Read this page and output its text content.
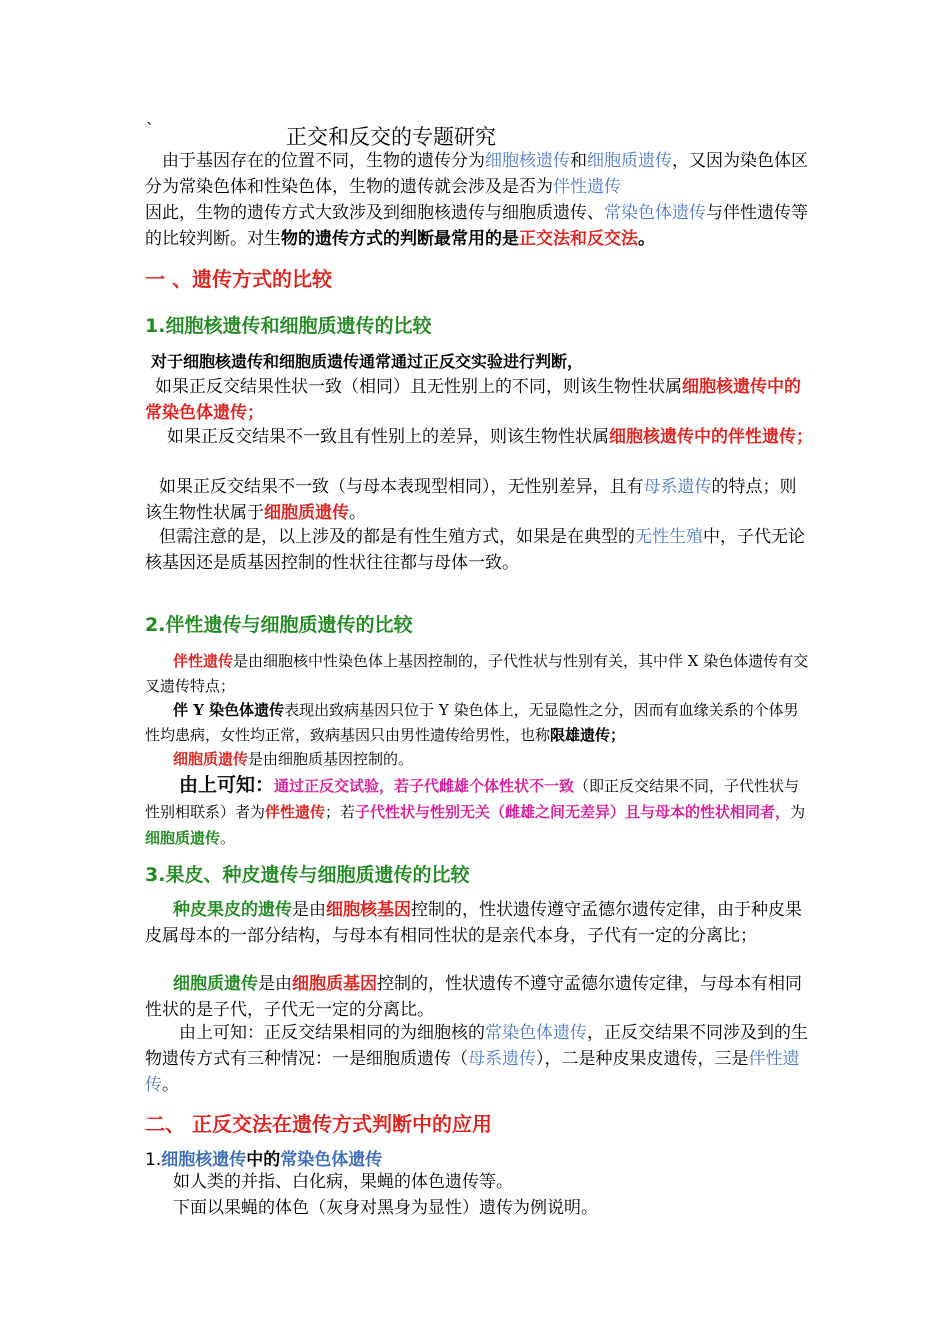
`	正交和反交的专题研究

由于基因存在的位置不同，生物的遗传分为细胞核遗传和细胞质遗传，又因为染色体区分为常染色体和性染色体，生物的遗传就会涉及是否为伴性遗传

因此，生物的遗传方式大致涉及到细胞核遗传与细胞质遗传、常染色体遗传与伴性遗传等的比较判断。对生物的遗传方式的判断最常用的是正交法和反交法。

一 、遗传方式的比较
1.细胞核遗传和细胞质遗传的比较

对于细胞核遗传和细胞质遗传通常通过正反交实验进行判断，

如果正反交结果性状一致（相同）且无性别上的不同，则该生物性状属细胞核遗传中的常染色体遗传；

如果正反交结果不一致且有性别上的差异，则该生物性状属细胞核遗传中的伴性遗传；

如果正反交结果不一致（与母本表现型相同），无性别差异，且有母系遗传的特点；则该生物性状属于细胞质遗传。

但需注意的是，以上涉及的都是有性生殖方式，如果是在典型的无性生殖中，子代无论核基因还是质基因控制的性状往往都与母体一致。

2.伴性遗传与细胞质遗传的比较

伴性遗传是由细胞核中性染色体上基因控制的，子代性状与性别有关，其中伴 X 染色体遗传有交叉遗传特点；

伴 Y 染色体遗传表现出致病基因只位于 Y 染色体上，无显隐性之分，因而有血缘关系的个体男性均患病，女性均正常，致病基因只由男性遗传给男性，也称限雄遗传；

细胞质遗传是由细胞质基因控制的。

由上可知：通过正反交试验，若子代雌雄个体性状不一致（即正反交结果不同，子代性状与性别相联系）者为伴性遗传；若子代性状与性别无关（雌雄之间无差异）且与母本的性状相同者，为细胞质遗传。

3.果皮、种皮遗传与细胞质遗传的比较

种皮果皮的遗传是由细胞核基因控制的，性状遗传遵守孟德尔遗传定律，由于种皮果皮属母本的一部分结构，与母本有相同性状的是亲代本身，子代有一定的分离比；

细胞质遗传是由细胞质基因控制的，性状遗传不遵守孟德尔遗传定律，与母本有相同性状的是子代，子代无一定的分离比。

由上可知：正反交结果相同的为细胞核的常染色体遗传，正反交结果不同涉及到的生物遗传方式有三种情况：一是细胞质遗传（母系遗传），二是种皮果皮遗传，三是伴性遗传。

二、 正反交法在遗传方式判断中的应用
1.细胞核遗传中的常染色体遗传

如人类的并指、白化病，果蝇的体色遗传等。

下面以果蝇的体色（灰身对黑身为显性）遗传为例说明。
